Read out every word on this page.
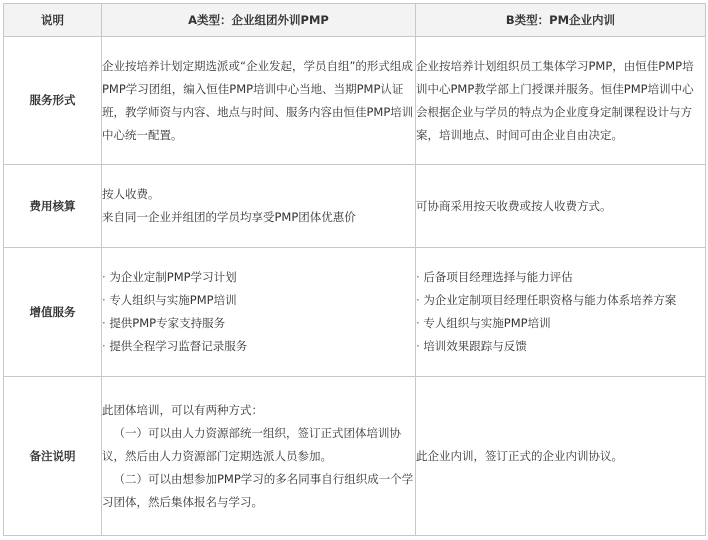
说明	A类型：企业组团外训PMP	B类型：PM企业内训
服务形式	企业按培养计划定期选派或“企业发起，学员自组”的形式组成PMP学习团组，编入恒佳PMP培训中心当地、当期PMP认证班，教学师资与内容、地点与时间、服务内容由恒佳PMP培训中心统一配置。	企业按培养计划组织员工集体学习PMP，由恒佳PMP培训中心PMP教学部上门授课并服务。恒佳PMP培训中心会根据企业与学员的特点为企业度身定制课程设计与方案，培训地点、时间可由企业自由决定。

费用核算	按人收费。
来自同一企业并组团的学员均享受PMP团体优惠价	可协商采用按天收费或按人收费方式。

增值服务	· 为企业定制PMP学习计划
· 专人组织与实施PMP培训
· 提供PMP专家支持服务
· 提供全程学习监督记录服务	· 后备项目经理选择与能力评估
· 为企业定制项目经理任职资格与能力体系培养方案
· 专人组织与实施PMP培训
· 培训效果跟踪与反馈

备注说明	此团体培训，可以有两种方式：
（一）可以由人力资源部统一组织，签订正式团体培训协议，然后由人力资源部门定期选派人员参加。
（二）可以由想参加PMP学习的多名同事自行组织成一个学习团体，然后集体报名与学习。	此企业内训，签订正式的企业内训协议。
